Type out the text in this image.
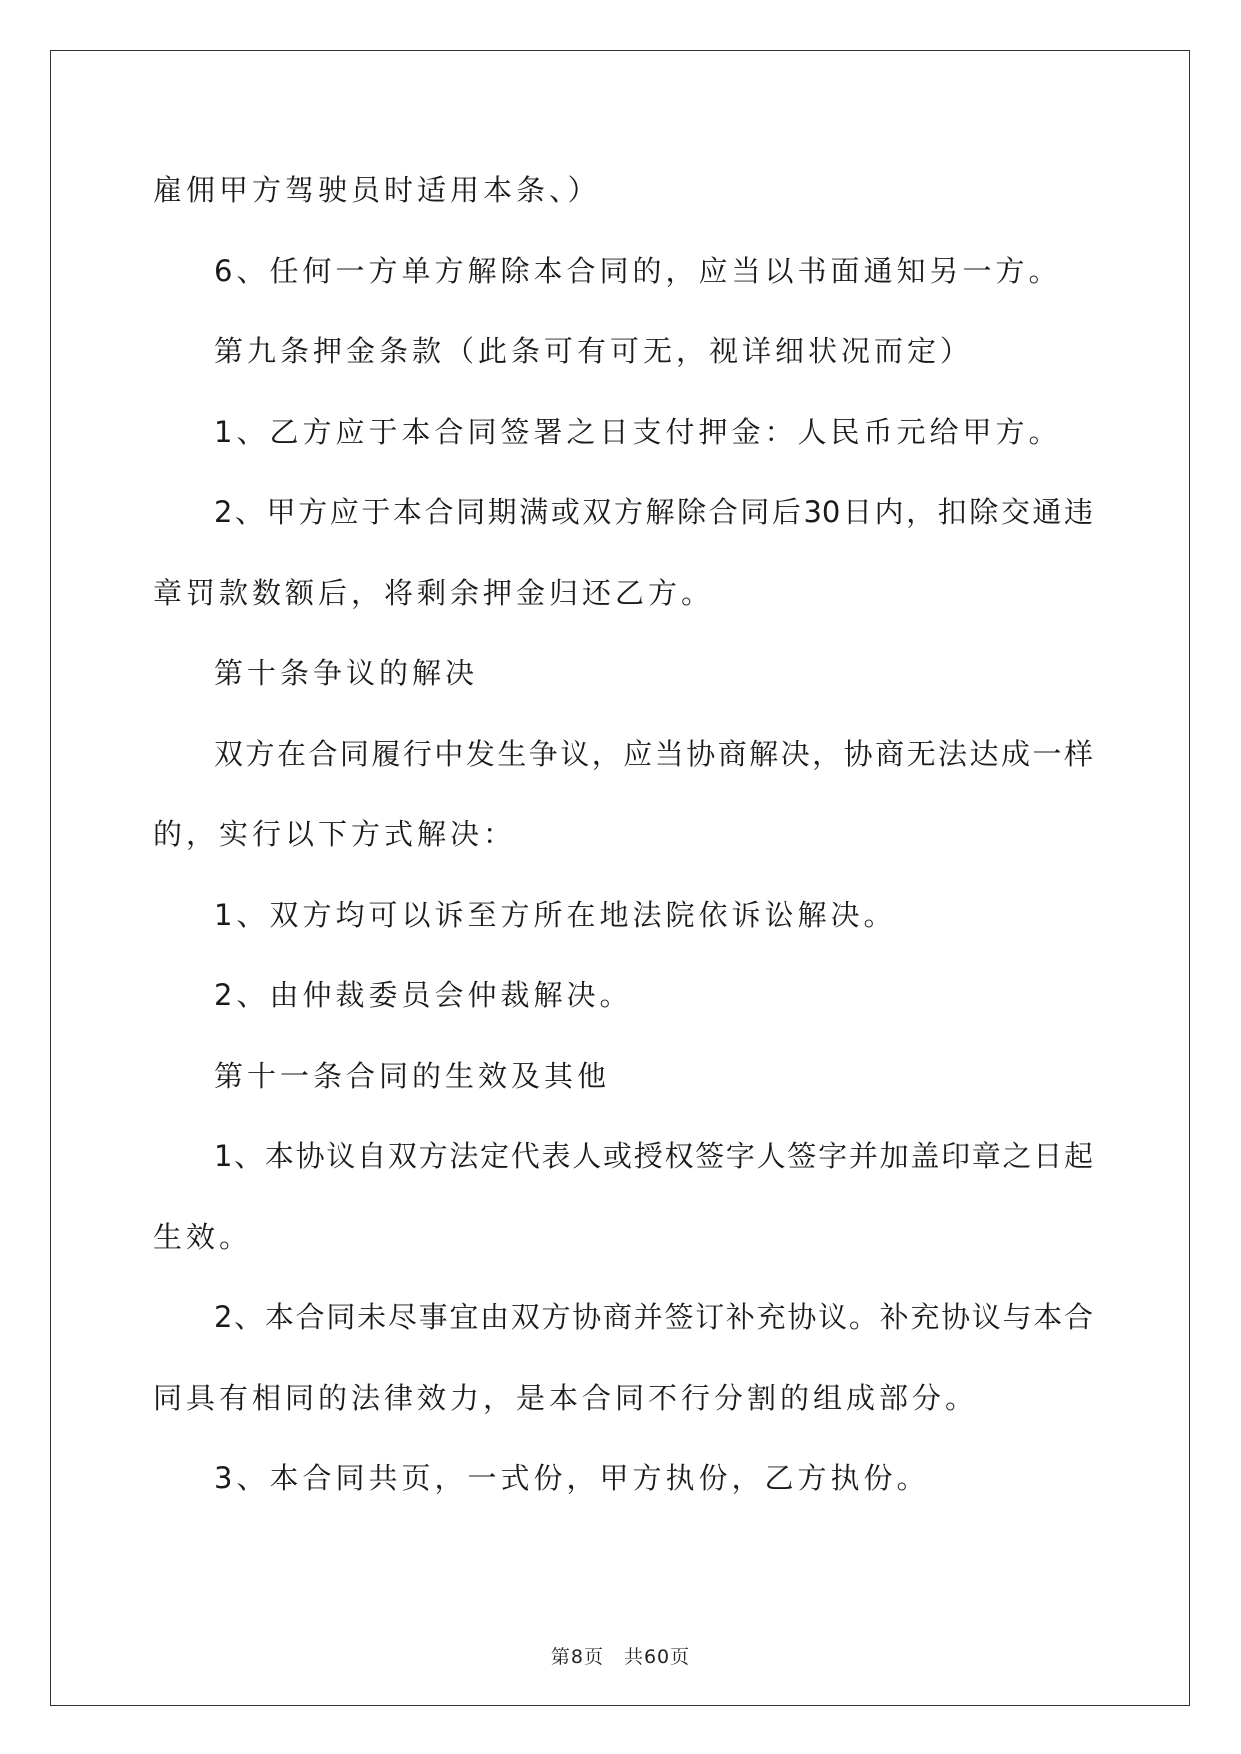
雇佣甲方驾驶员时适用本条、）
6、任何一方单方解除本合同的，应当以书面通知另一方。
第九条押金条款（此条可有可无，视详细状况而定）
1、乙方应于本合同签署之日支付押金：人民币元给甲方。
2、甲方应于本合同期满或双方解除合同后30日内，扣除交通违
章罚款数额后，将剩余押金归还乙方。
第十条争议的解决
双方在合同履行中发生争议，应当协商解决，协商无法达成一样
的，实行以下方式解决：
1、双方均可以诉至方所在地法院依诉讼解决。
2、由仲裁委员会仲裁解决。
第十一条合同的生效及其他
1、本协议自双方法定代表人或授权签字人签字并加盖印章之日起
生效。
2、本合同未尽事宜由双方协商并签订补充协议。补充协议与本合
同具有相同的法律效力，是本合同不行分割的组成部分。
3、本合同共页，一式份，甲方执份，乙方执份。
第8页　共60页
